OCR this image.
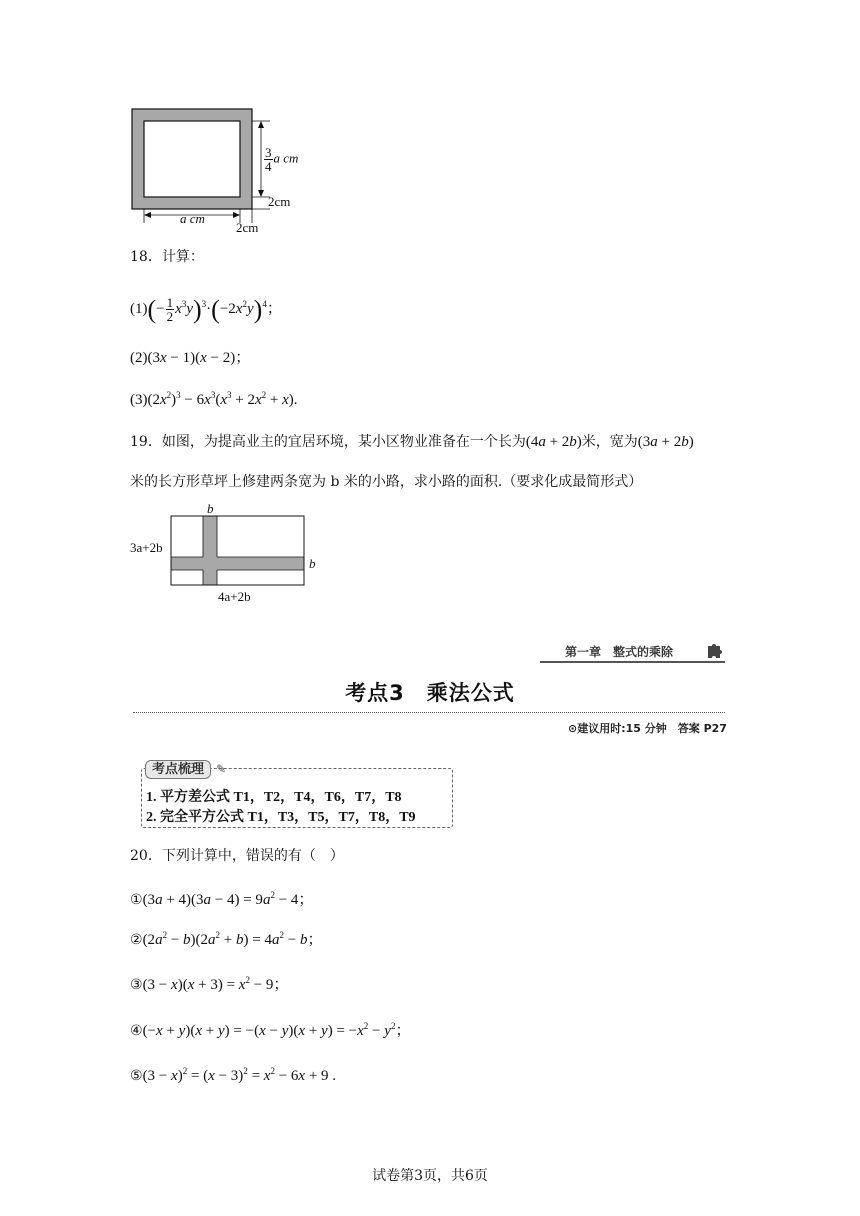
$\frac{3}{4}$ a cm
2cm
a cm
2cm
18．计算：
$(1)(- \frac{1}{2} x^3y)^3\cdot(-2x^2y)^4$；
(2)(3x − 1)(x − 2)；
$(3)(2x^2)^3 - 6x^3(x^3 + 2x^2 + x)$.
19．如图，为提高业主的宜居环境，某小区物业准备在一个长为(4a + 2b)米，宽为(3a + 2b)
米的长方形草坪上修建两条宽为 b 米的小路，求小路的面积.（要求化成最简形式）
b
3a+2b
b
4a+2b
第一章　整式的乘除
考点3　乘法公式
⊙建议用时:15 分钟　答案 P27
考点梳理 ✎
1. 平方差公式 T1，T2，T4，T6，T7，T8
2. 完全平方公式 T1，T3，T5，T7，T8，T9
20．下列计算中，错误的有（　）
①(3a + $4)(3a - 4) = 9a^2 - 4$；
$②(2a^2 - b)(2a^2 + b) = 4a^2 - b$；
③(3 − $x)(x + 3) = x^2 - 9$；
④(−x + $y)(x + y) = -(x - y)(x + y) = -x^2 - y^2$；
⑤(3 − $x)^2 = (x - 3)^2 = x^2 - 6x + 9$ .
试卷第3页，共6页
